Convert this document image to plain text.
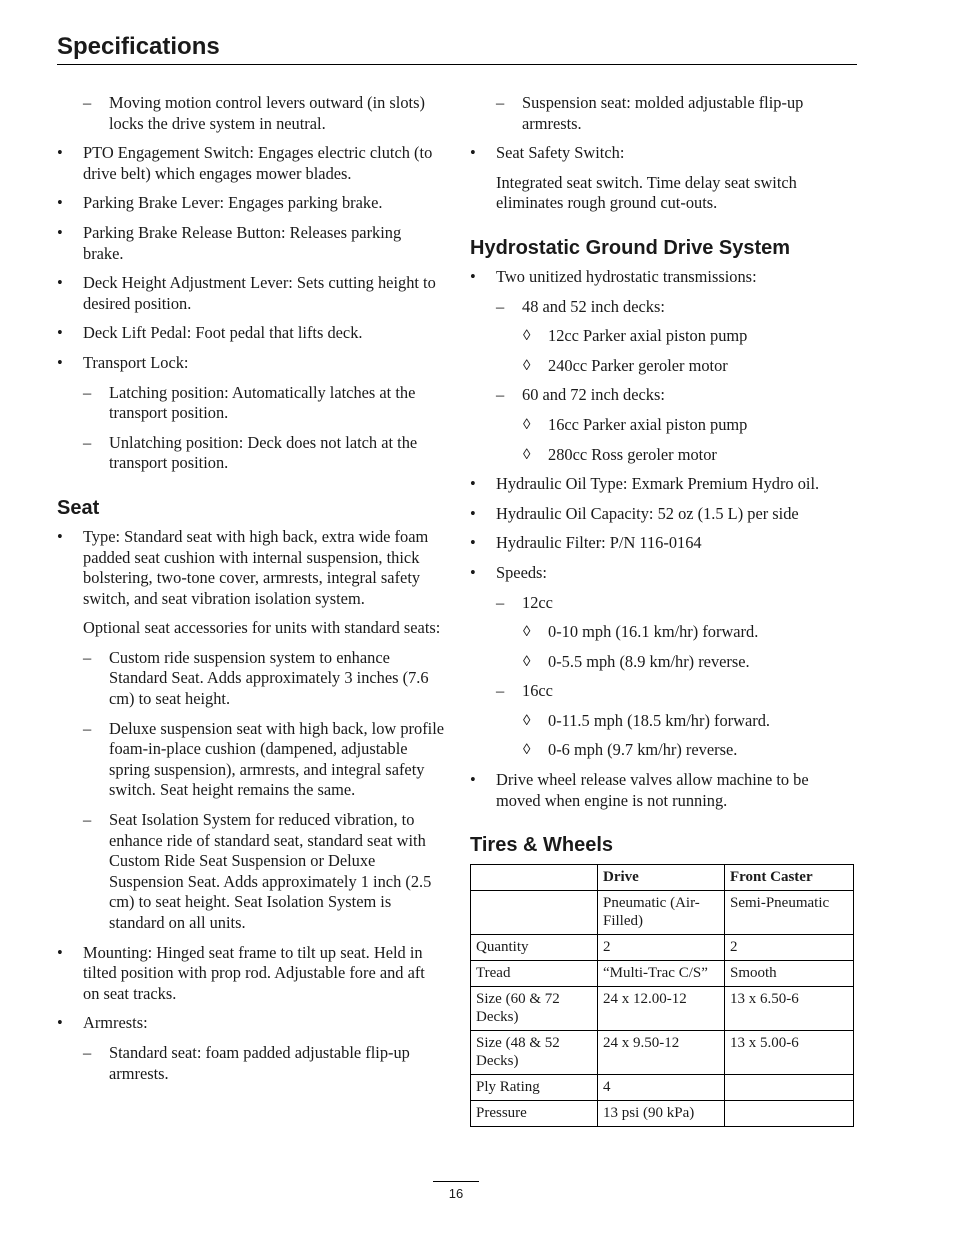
Specifications
– Moving motion control levers outward (in slots) locks the drive system in neutral.
• PTO Engagement Switch: Engages electric clutch (to drive belt) which engages mower blades.
• Parking Brake Lever: Engages parking brake.
• Parking Brake Release Button: Releases parking brake.
• Deck Height Adjustment Lever: Sets cutting height to desired position.
• Deck Lift Pedal: Foot pedal that lifts deck.
• Transport Lock:
– Latching position: Automatically latches at the transport position.
– Unlatching position: Deck does not latch at the transport position.
Seat
• Type: Standard seat with high back, extra wide foam padded seat cushion with internal suspension, thick bolstering, two-tone cover, armrests, integral safety switch, and seat vibration isolation system.
Optional seat accessories for units with standard seats:
– Custom ride suspension system to enhance Standard Seat. Adds approximately 3 inches (7.6 cm) to seat height.
– Deluxe suspension seat with high back, low profile foam-in-place cushion (dampened, adjustable spring suspension), armrests, and integral safety switch. Seat height remains the same.
– Seat Isolation System for reduced vibration, to enhance ride of standard seat, standard seat with Custom Ride Seat Suspension or Deluxe Suspension Seat. Adds approximately 1 inch (2.5 cm) to seat height. Seat Isolation System is standard on all units.
• Mounting: Hinged seat frame to tilt up seat. Held in tilted position with prop rod. Adjustable fore and aft on seat tracks.
• Armrests:
– Standard seat: foam padded adjustable flip-up armrests.
– Suspension seat: molded adjustable flip-up armrests.
• Seat Safety Switch:
Integrated seat switch. Time delay seat switch eliminates rough ground cut-outs.
Hydrostatic Ground Drive System
• Two unitized hydrostatic transmissions:
– 48 and 52 inch decks:
◊ 12cc Parker axial piston pump
◊ 240cc Parker geroler motor
– 60 and 72 inch decks:
◊ 16cc Parker axial piston pump
◊ 280cc Ross geroler motor
• Hydraulic Oil Type: Exmark Premium Hydro oil.
• Hydraulic Oil Capacity: 52 oz (1.5 L) per side
• Hydraulic Filter: P/N 116-0164
• Speeds:
– 12cc
◊ 0-10 mph (16.1 km/hr) forward.
◊ 0-5.5 mph (8.9 km/hr) reverse.
– 16cc
◊ 0-11.5 mph (18.5 km/hr) forward.
◊ 0-6 mph (9.7 km/hr) reverse.
• Drive wheel release valves allow machine to be moved when engine is not running.
Tires & Wheels
	Drive	Front Caster
	Pneumatic (Air-Filled)	Semi-Pneumatic
Quantity	2	2
Tread	“Multi-Trac C/S”	Smooth
Size (60 & 72 Decks)	24 x 12.00-12	13 x 6.50-6
Size (48 & 52 Decks)	24 x 9.50-12	13 x 5.00-6
Ply Rating	4	
Pressure	13 psi (90 kPa)	
16
